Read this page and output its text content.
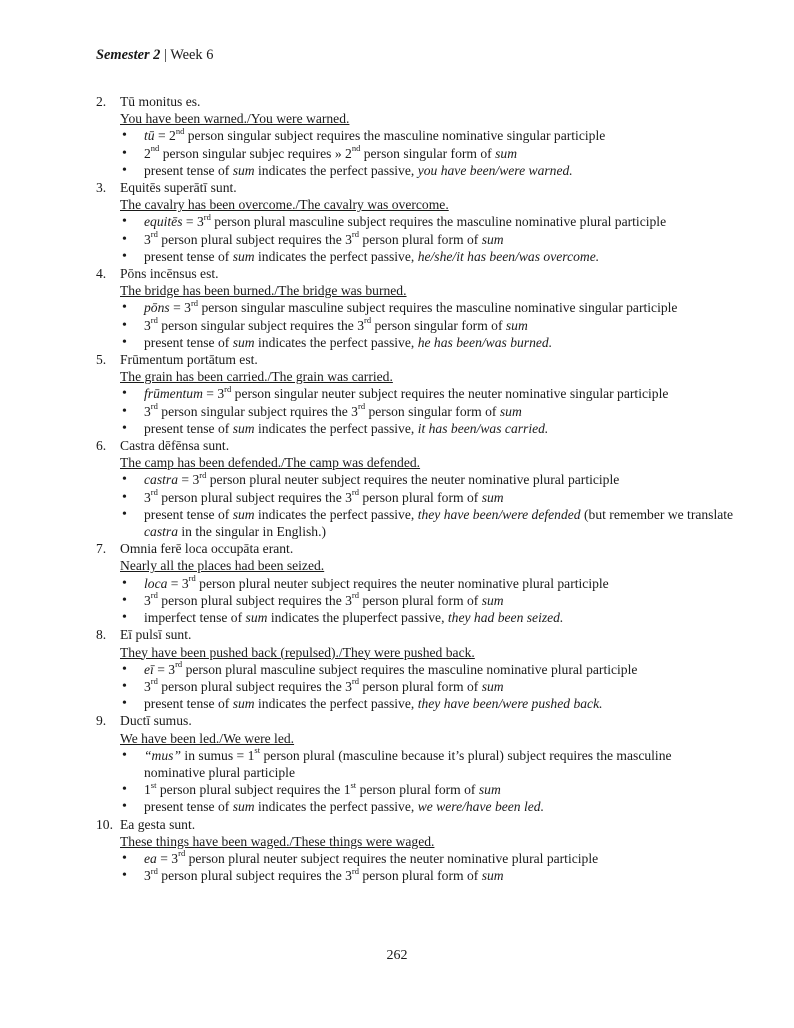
Semester 2 | Week 6
2. Tū monitus es.
You have been warned./You were warned.
• tū = 2nd person singular subject requires the masculine nominative singular participle
• 2nd person singular subjec requires » 2nd person singular form of sum
• present tense of sum indicates the perfect passive, you have been/were warned.
3. Equitēs superātī sunt.
The cavalry has been overcome./The cavalry was overcome.
• equitēs = 3rd person plural masculine subject requires the masculine nominative plural participle
• 3rd person plural subject requires the 3rd person plural form of sum
• present tense of sum indicates the perfect passive, he/she/it has been/was overcome.
4. Pōns incēnsus est.
The bridge has been burned./The bridge was burned.
• pōns = 3rd person singular masculine subject requires the masculine nominative singular participle
• 3rd person singular subject requires the 3rd person singular form of sum
• present tense of sum indicates the perfect passive, he has been/was burned.
5. Frūmentum portātum est.
The grain has been carried./The grain was carried.
• frūmentum = 3rd person singular neuter subject requires the neuter nominative singular participle
• 3rd person singular subject rquires the 3rd person singular form of sum
• present tense of sum indicates the perfect passive, it has been/was carried.
6. Castra dēfēnsa sunt.
The camp has been defended./The camp was defended.
• castra = 3rd person plural neuter subject requires the neuter nominative plural participle
• 3rd person plural subject requires the 3rd person plural form of sum
• present tense of sum indicates the perfect passive, they have been/were defended (but remember we translate castra in the singular in English.)
7. Omnia ferē loca occupāta erant.
Nearly all the places had been seized.
• loca = 3rd person plural neuter subject requires the neuter nominative plural participle
• 3rd person plural subject requires the 3rd person plural form of sum
• imperfect tense of sum indicates the pluperfect passive, they had been seized.
8. Eī pulsī sunt.
They have been pushed back (repulsed)./They were pushed back.
• eī = 3rd person plural masculine subject requires the masculine nominative plural participle
• 3rd person plural subject requires the 3rd person plural form of sum
• present tense of sum indicates the perfect passive, they have been/were pushed back.
9. Ductī sumus.
We have been led./We were led.
• “mus” in sumus = 1st person plural (masculine because it’s plural) subject requires the masculine nominative plural participle
• 1st person plural subject requires the 1st person plural form of sum
• present tense of sum indicates the perfect passive, we were/have been led.
10. Ea gesta sunt.
These things have been waged./These things were waged.
• ea = 3rd person plural neuter subject requires the neuter nominative plural participle
• 3rd person plural subject requires the 3rd person plural form of sum
262
